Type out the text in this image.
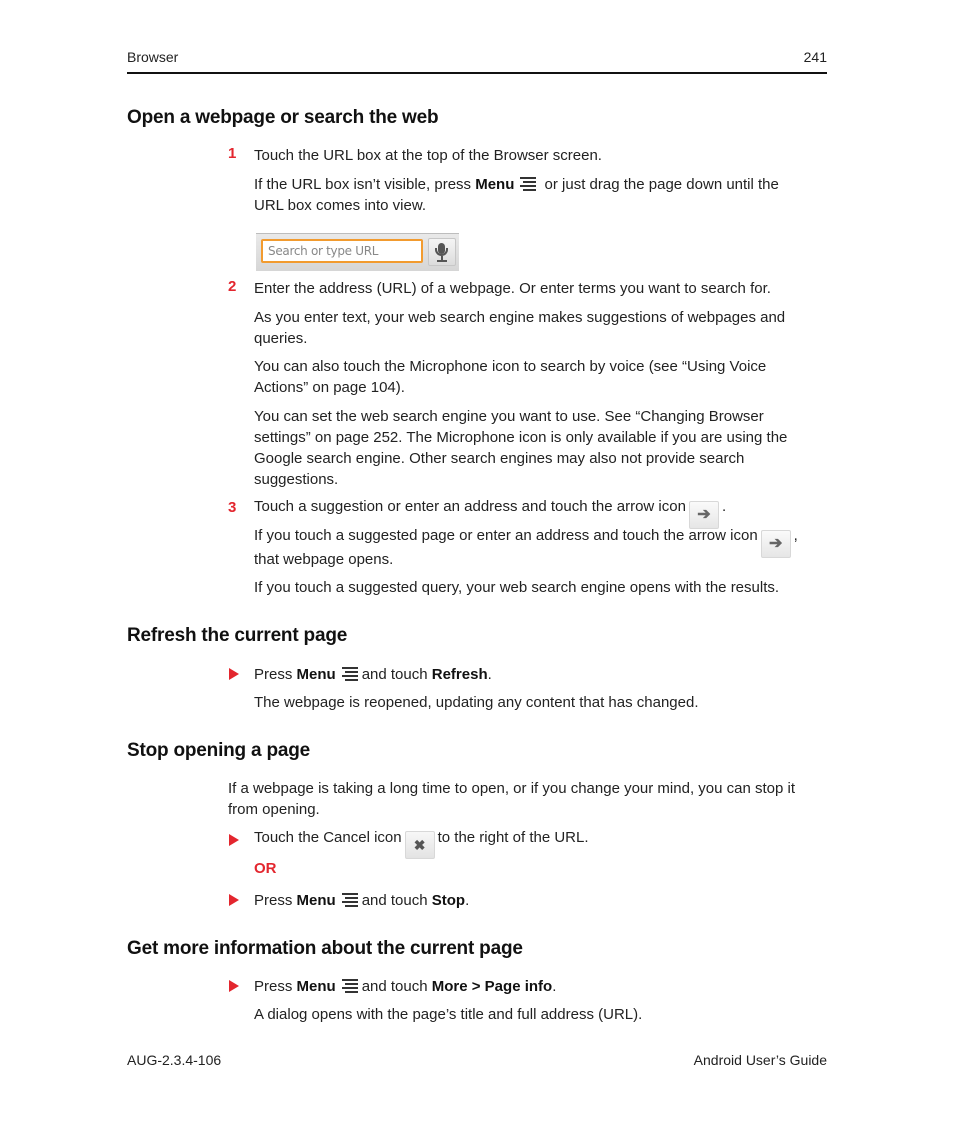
Browser	241
Open a webpage or search the web
1 Touch the URL box at the top of the Browser screen.
If the URL box isn’t visible, press Menu
or just drag the page down until the
URL box comes into view.
Search or type URL
2 Enter the address (URL) of a webpage. Or enter terms you want to search for.
As you enter text, your web search engine makes suggestions of webpages and
queries.
You can also touch the Microphone icon to search by voice (see “Using Voice
Actions” on page 104).
You can set the web search engine you want to use. See “Changing Browser
settings” on page 252. The Microphone icon is only available if you are using the
Google search engine. Other search engines may also not provide search
suggestions.
3 Touch a suggestion or enter an address and touch the arrow icon ➔ .
If you touch a suggested page or enter an address and touch the arrow icon ➔ ,
that webpage opens.
If you touch a suggested query, your web search engine opens with the results.
Refresh the current page
Press Menu and touch Refresh.
The webpage is reopened, updating any content that has changed.
Stop opening a page
If a webpage is taking a long time to open, or if you change your mind, you can stop it
from opening.
Touch the Cancel icon ✖ to the right of the URL.
OR
Press Menu and touch Stop.
Get more information about the current page
Press Menu and touch More > Page info.
A dialog opens with the page’s title and full address (URL).
AUG-2.3.4-106	Android User’s Guide
